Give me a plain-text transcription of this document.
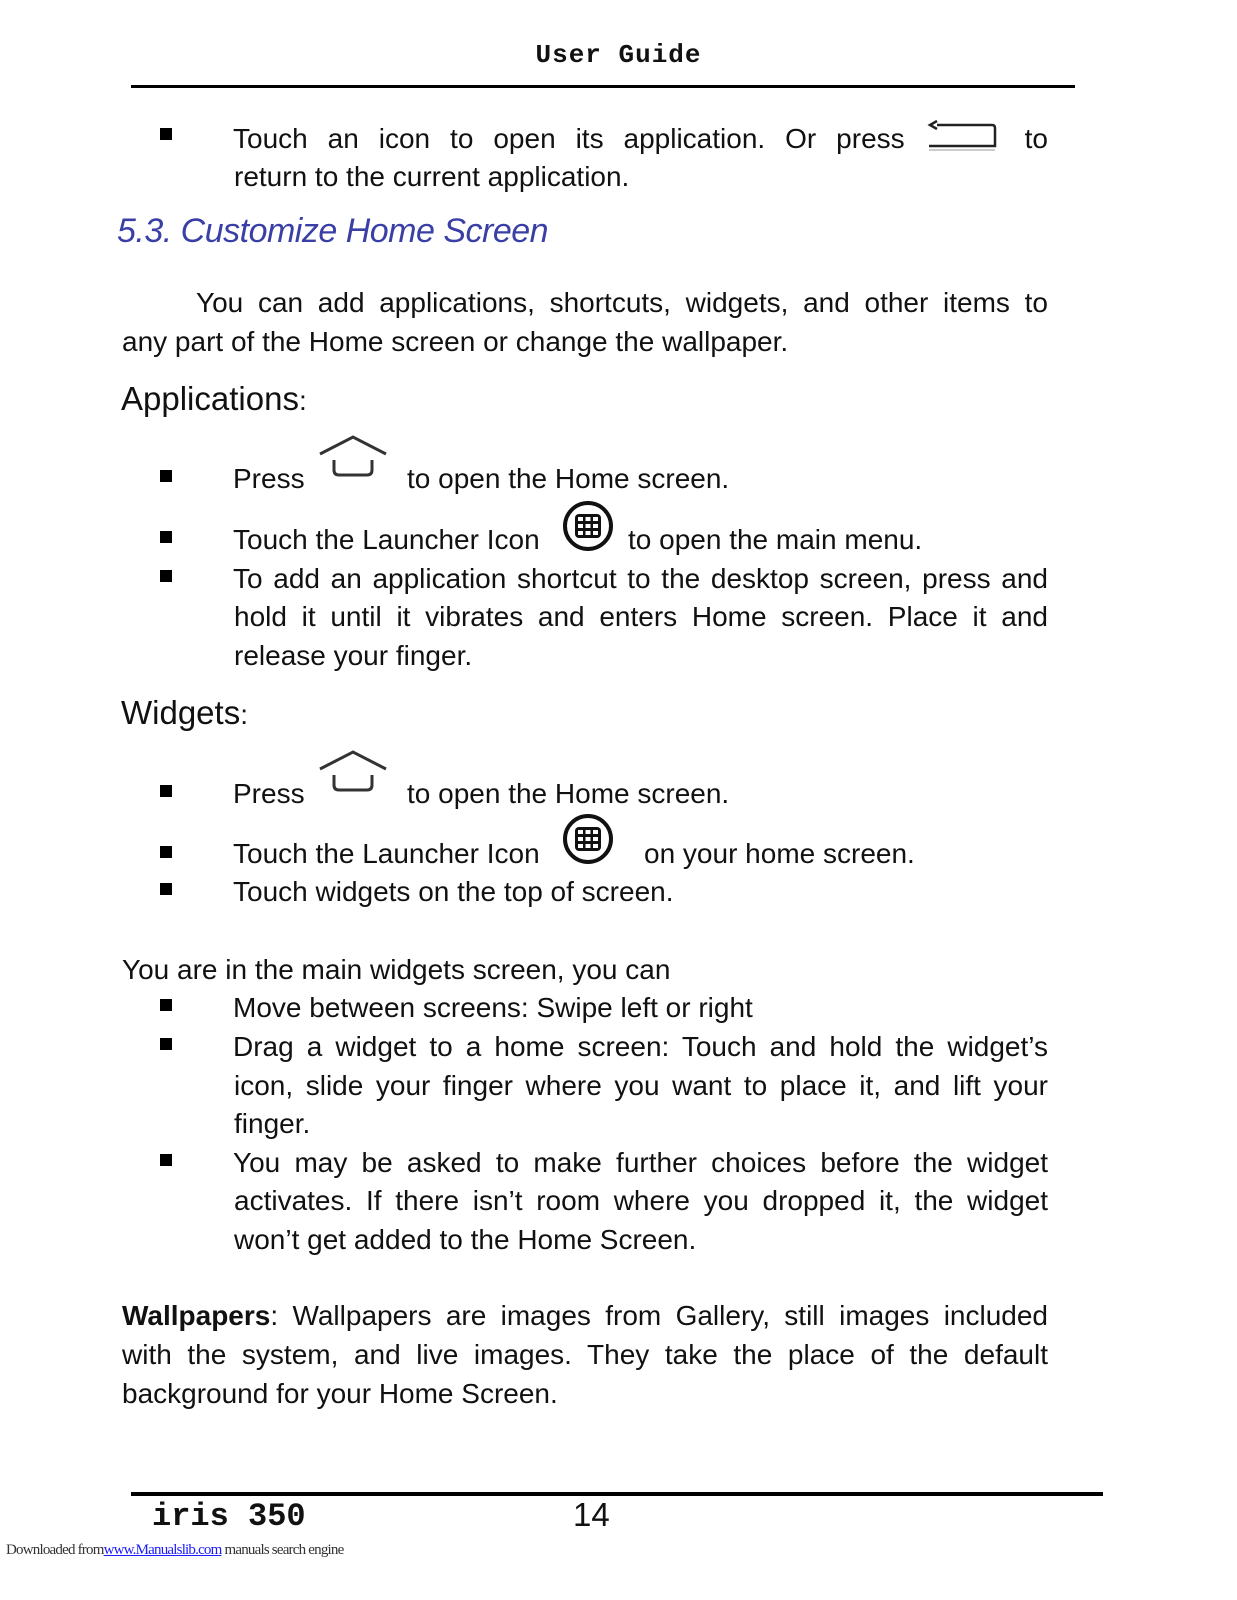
User Guide
Touch an icon to open its application. Or press	to
return to the current application.
5.3. Customize Home Screen
You can add applications, shortcuts, widgets, and other items to
any part of the Home screen or change the wallpaper.
Applications:
Press	to open the Home screen.
Touch the Launcher Icon	to open the main menu.
To add an application shortcut to the desktop screen, press and
hold it until it vibrates and enters Home screen. Place it and
release your finger.
Widgets:
Press	to open the Home screen.
Touch the Launcher Icon	on your home screen.
Touch widgets on the top of screen.
You are in the main widgets screen, you can
Move between screens: Swipe left or right
Drag a widget to a home screen: Touch and hold the widget’s
icon, slide your finger where you want to place it, and lift your
finger.
You may be asked to make further choices before the widget
activates. If there isn’t room where you dropped it, the widget
won’t get added to the Home Screen.
Wallpapers : Wallpapers are images from Gallery, still images included
with the system, and live images. They take the place of the default
background for your Home Screen.
iris 350	14
Downloaded fromwww.Manualslib.com manuals search engine
